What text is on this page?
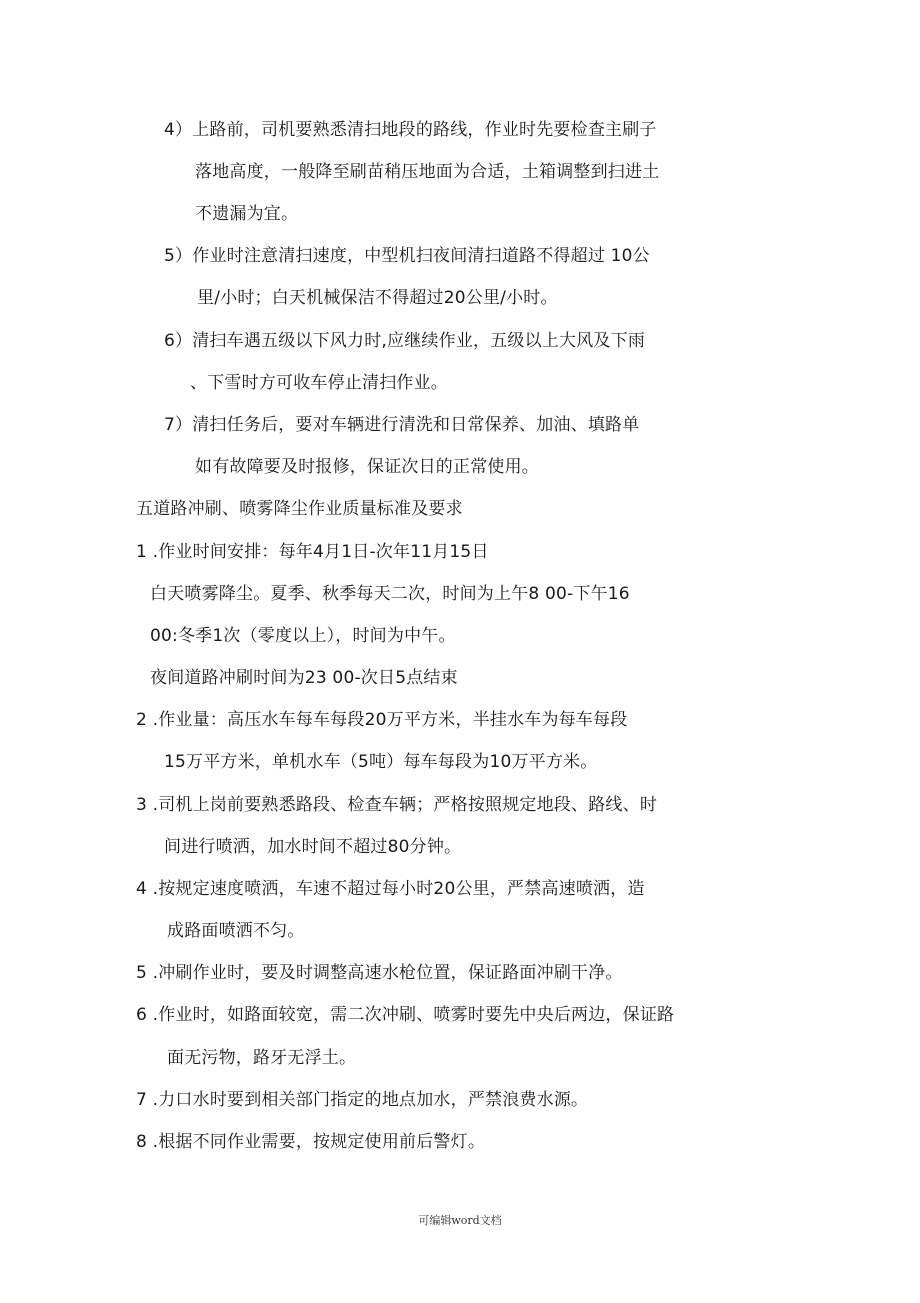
4）上路前，司机要熟悉清扫地段的路线，作业时先要检查主刷子
落地高度，一般降至刷苗稍压地面为合适，土箱调整到扫进土
不遗漏为宜。
5）作业时注意清扫速度，中型机扫夜间清扫道路不得超过 10公
里/小时；白天机械保洁不得超过20公里/小时。
6）清扫车遇五级以下风力时,应继续作业，五级以上大风及下雨
、下雪时方可收车停止清扫作业。
7）清扫任务后，要对车辆进行清洗和日常保养、加油、填路单
如有故障要及时报修，保证次日的正常使用。
五道路冲刷、喷雾降尘作业质量标准及要求
1 .作业时间安排：每年4月1日-次年11月15日
白天喷雾降尘。夏季、秋季每天二次，时间为上午8 00-下午16
00:冬季1次（零度以上），时间为中午。
夜间道路冲刷时间为23 00-次日5点结束
2 .作业量：高压水车每车每段20万平方米，半挂水车为每车每段
15万平方米，单机水车（5吨）每车每段为10万平方米。
3 .司机上岗前要熟悉路段、检查车辆；严格按照规定地段、路线、时
间进行喷洒，加水时间不超过80分钟。
4 .按规定速度喷洒，车速不超过每小时20公里，严禁高速喷洒，造
成路面喷洒不匀。
5 .冲刷作业时，要及时调整高速水枪位置，保证路面冲刷干净。
6 .作业时，如路面较宽，需二次冲刷、喷雾时要先中央后两边，保证路
面无污物，路牙无浮土。
7 .力口水时要到相关部门指定的地点加水，严禁浪费水源。
8 .根据不同作业需要，按规定使用前后警灯。
可编辑word文档
